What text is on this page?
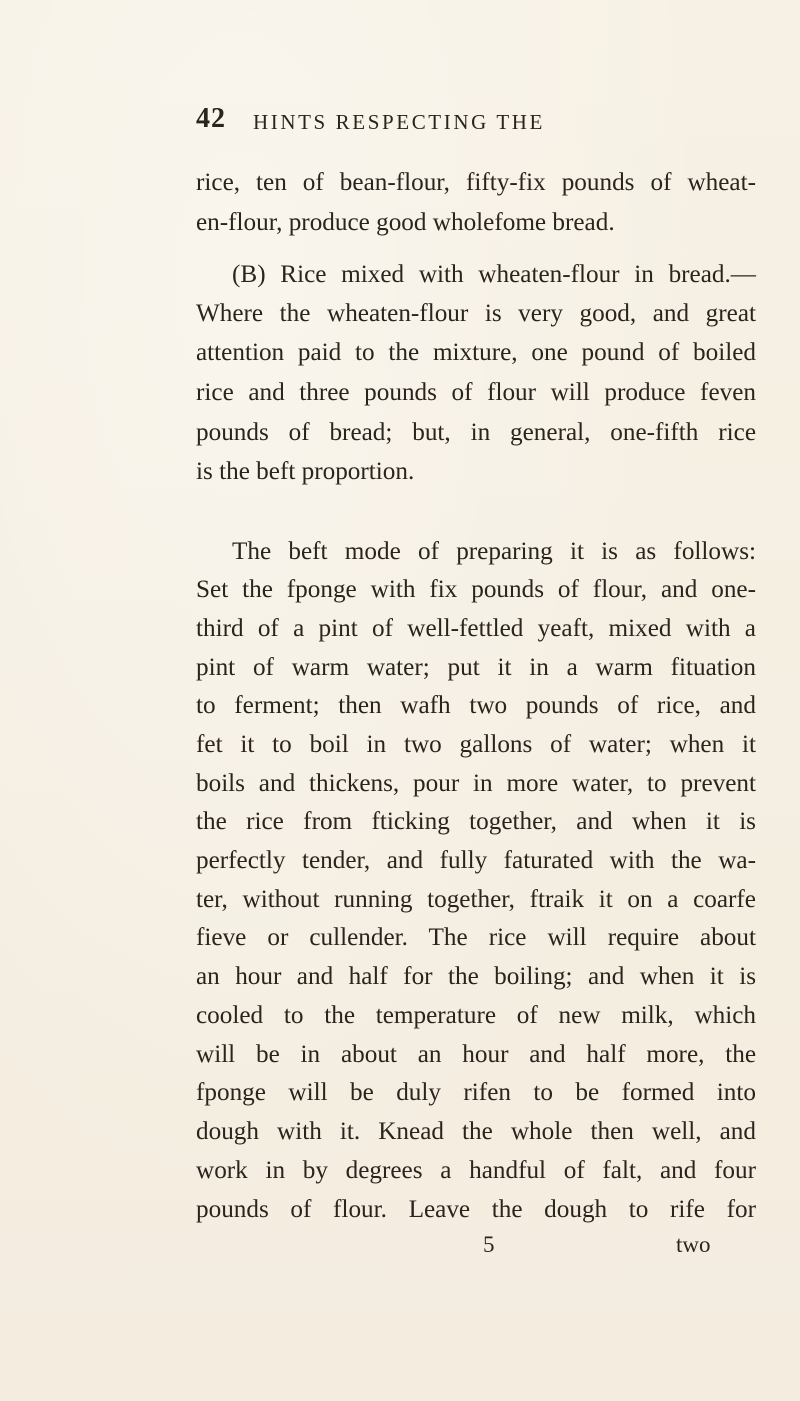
42 HINTS RESPECTING THE
rice, ten of bean-flour, fifty-fix pounds of wheat-
en-flour, produce good wholefome bread.
(B) Rice mixed with wheaten-flour in bread.—
Where the wheaten-flour is very good, and great
attention paid to the mixture, one pound of boiled
rice and three pounds of flour will produce feven
pounds of bread; but, in general, one-fifth rice
is the beft proportion.
The beft mode of preparing it is as follows:
Set the fponge with fix pounds of flour, and one-
third of a pint of well-fettled yeaft, mixed with a
pint of warm water; put it in a warm fituation
to ferment; then wafh two pounds of rice, and
fet it to boil in two gallons of water; when it
boils and thickens, pour in more water, to prevent
the rice from fticking together, and when it is
perfectly tender, and fully faturated with the wa-
ter, without running together, ftraik it on a coarfe
fieve or cullender. The rice will require about
an hour and half for the boiling; and when it is
cooled to the temperature of new milk, which
will be in about an hour and half more, the
fponge will be duly rifen to be formed into
dough with it. Knead the whole then well, and
work in by degrees a handful of falt, and four
pounds of flour. Leave the dough to rife for
5	two
